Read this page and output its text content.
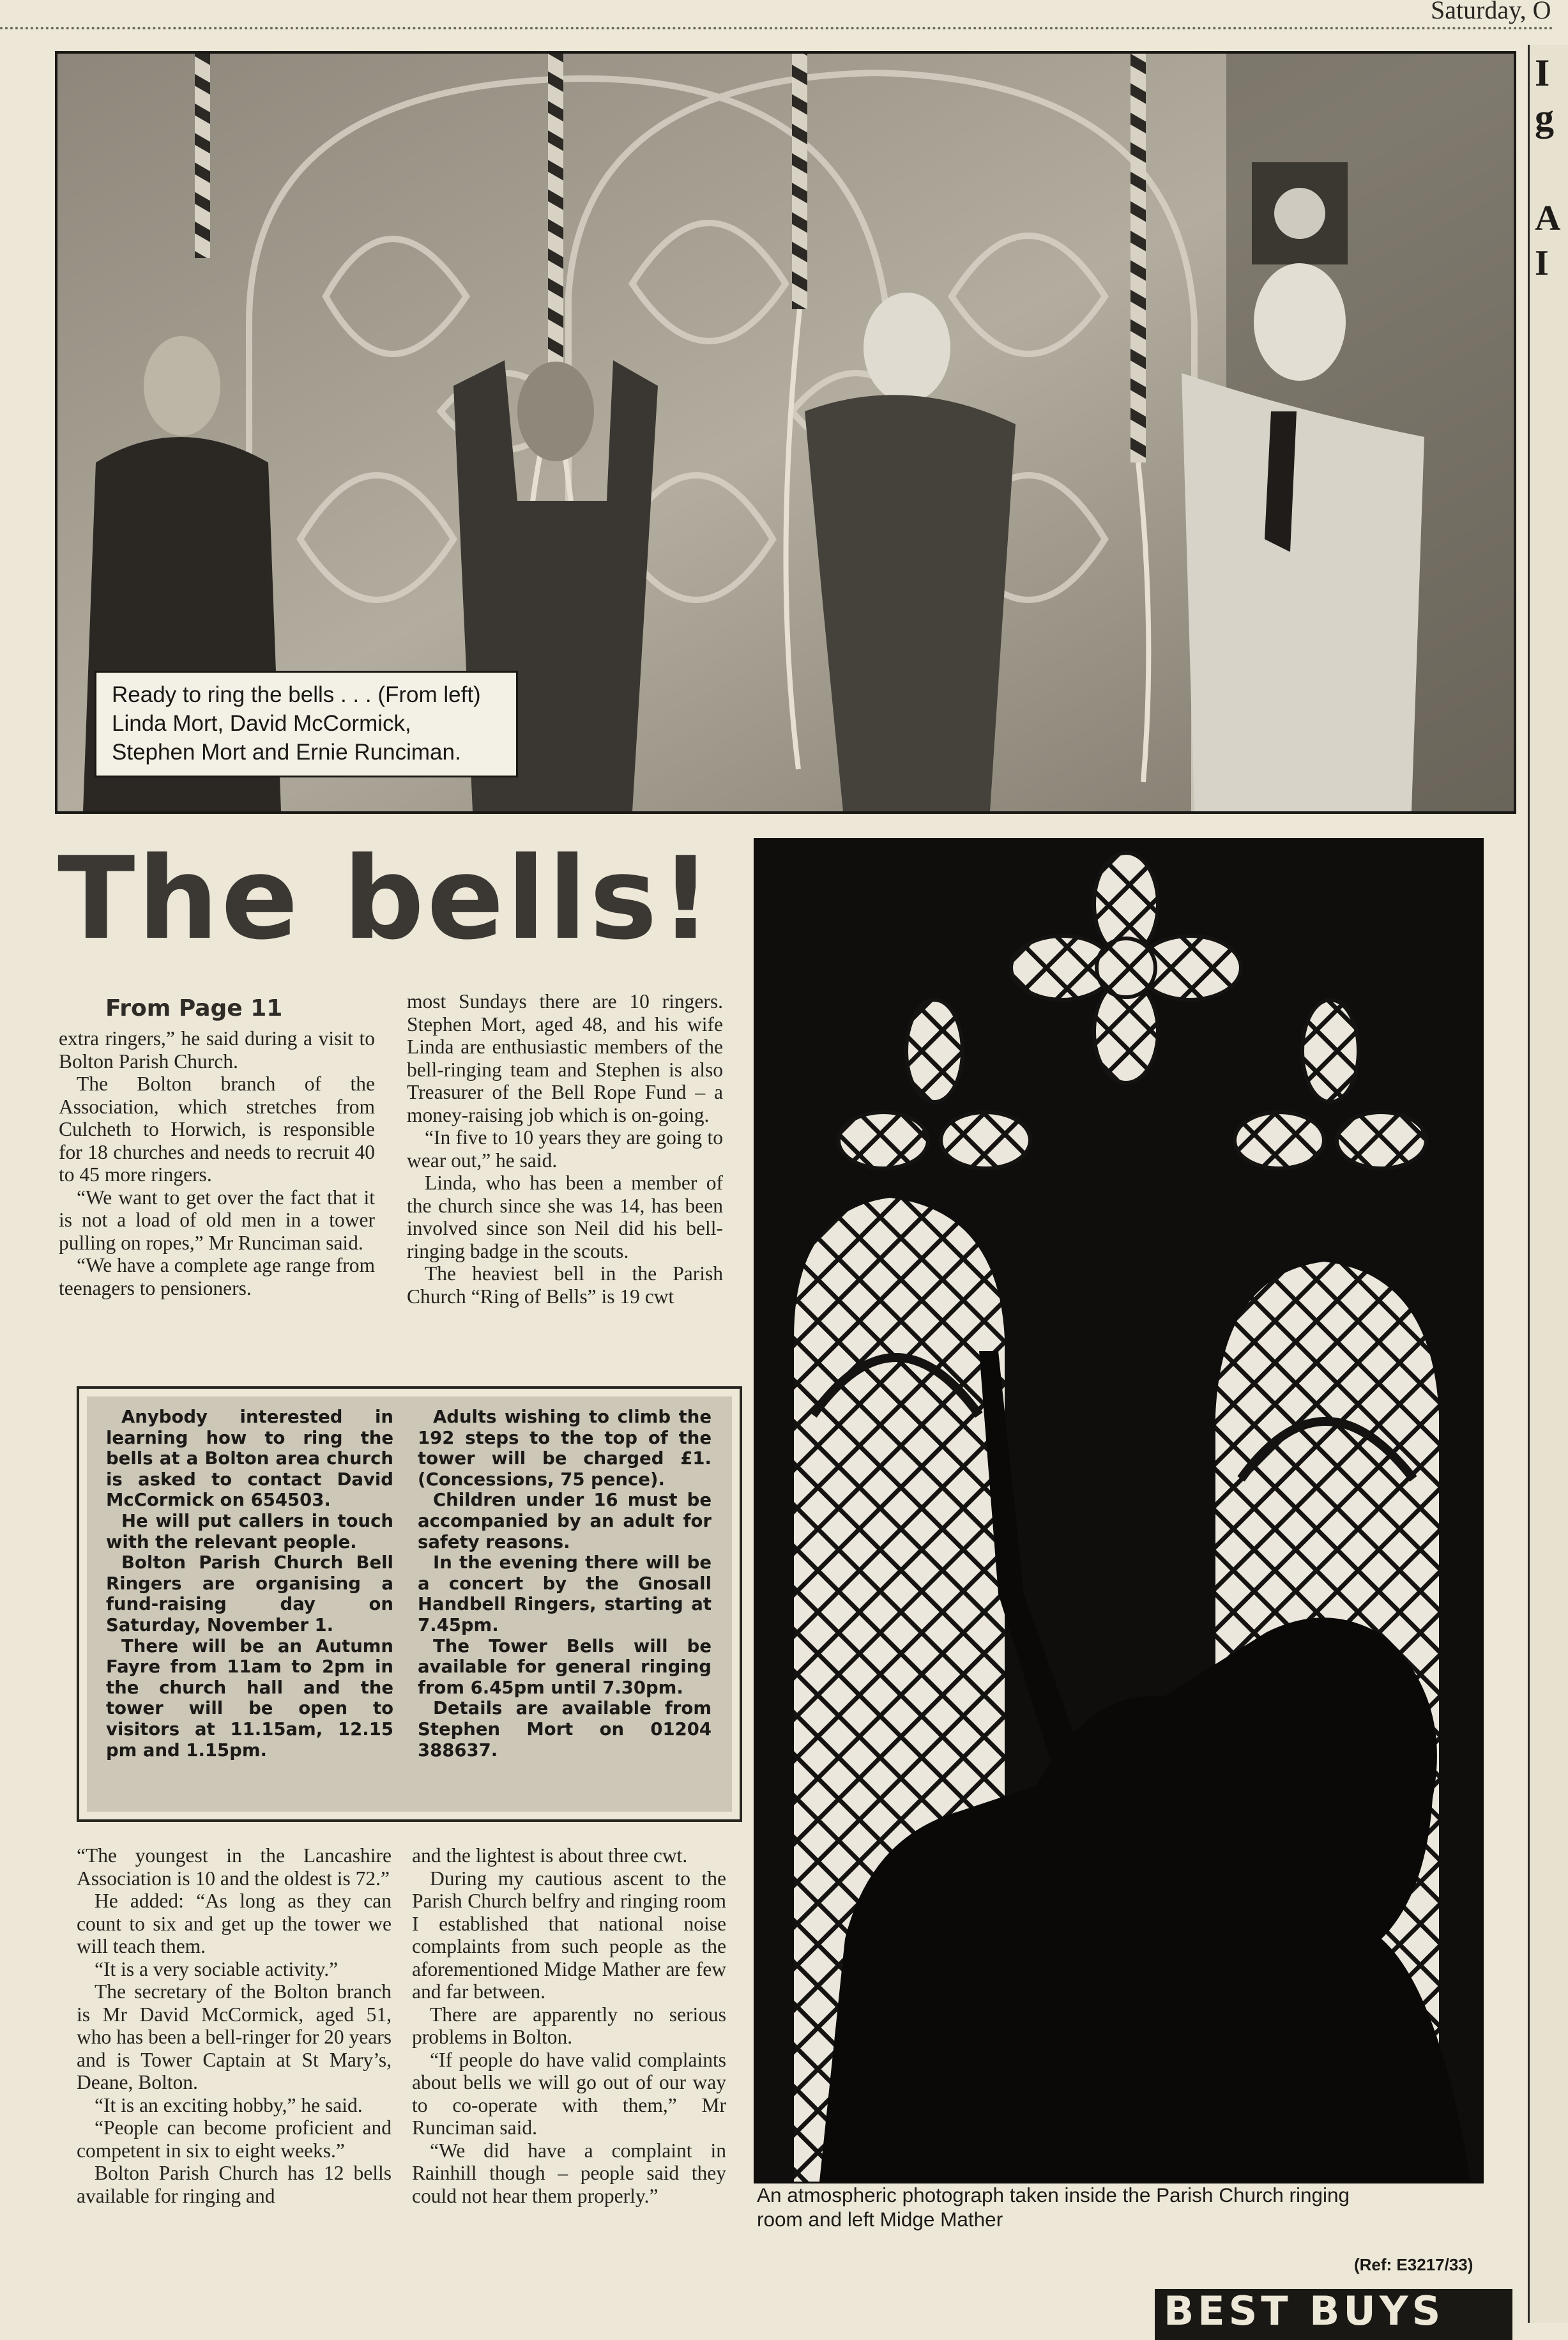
Saturday, O
I
g
A
I
Ready to ring the bells . . . (From left)
Linda Mort, David McCormick,
Stephen Mort and Ernie Runciman.
The bells!
From Page 11

extra ringers,” he said during a visit to Bolton Parish Church.

The Bolton branch of the Association, which stretches from Culcheth to Horwich, is responsible for 18 churches and needs to recruit 40 to 45 more ringers.

“We want to get over the fact that it is not a load of old men in a tower pulling on ropes,” Mr Runciman said.

“We have a complete age range from teenagers to pensioners.

most Sundays there are 10 ringers. Stephen Mort, aged 48, and his wife Linda are enthusiastic members of the bell-ringing team and Stephen is also Treasurer of the Bell Rope Fund – a money-raising job which is on-going.

“In five to 10 years they are going to wear out,” he said.

Linda, who has been a member of the church since she was 14, has been involved since son Neil did his bell-ringing badge in the scouts.

The heaviest bell in the Parish Church “Ring of Bells” is 19 cwt

Anybody interested in learning how to ring the bells at a Bolton area church is asked to contact David McCormick on 654503.

He will put callers in touch with the relevant people.

Bolton Parish Church Bell Ringers are organising a fund-raising day on Saturday, November 1.

There will be an Autumn Fayre from 11am to 2pm in the church hall and the tower will be open to visitors at 11.15am, 12.15 pm and 1.15pm.

Adults wishing to climb the 192 steps to the top of the tower will be charged £1. (Concessions, 75 pence).

Children under 16 must be accompanied by an adult for safety reasons.

In the evening there will be a concert by the Gnosall Handbell Ringers, starting at 7.45pm.

The Tower Bells will be available for general ringing from 6.45pm until 7.30pm.

Details are available from Stephen Mort on 01204 388637.

“The youngest in the Lancashire Association is 10 and the oldest is 72.”

He added: “As long as they can count to six and get up the tower we will teach them.

“It is a very sociable activity.”

The secretary of the Bolton branch is Mr David McCormick, aged 51, who has been a bell-ringer for 20 years and is Tower Captain at St Mary’s, Deane, Bolton.

“It is an exciting hobby,” he said.

“People can become proficient and competent in six to eight weeks.”

Bolton Parish Church has 12 bells available for ringing and

and the lightest is about three cwt.

During my cautious ascent to the Parish Church belfry and ringing room I established that national noise complaints from such people as the aforementioned Midge Mather are few and far between.

There are apparently no serious problems in Bolton.

“If people do have valid complaints about bells we will go out of our way to co-operate with them,” Mr Runciman said.

“We did have a complaint in Rainhill though – people said they could not hear them properly.”	An atmospheric photograph taken inside the Parish Church ringing
room and left Midge Mather
(Ref: E3217/33)
BEST BUYS
